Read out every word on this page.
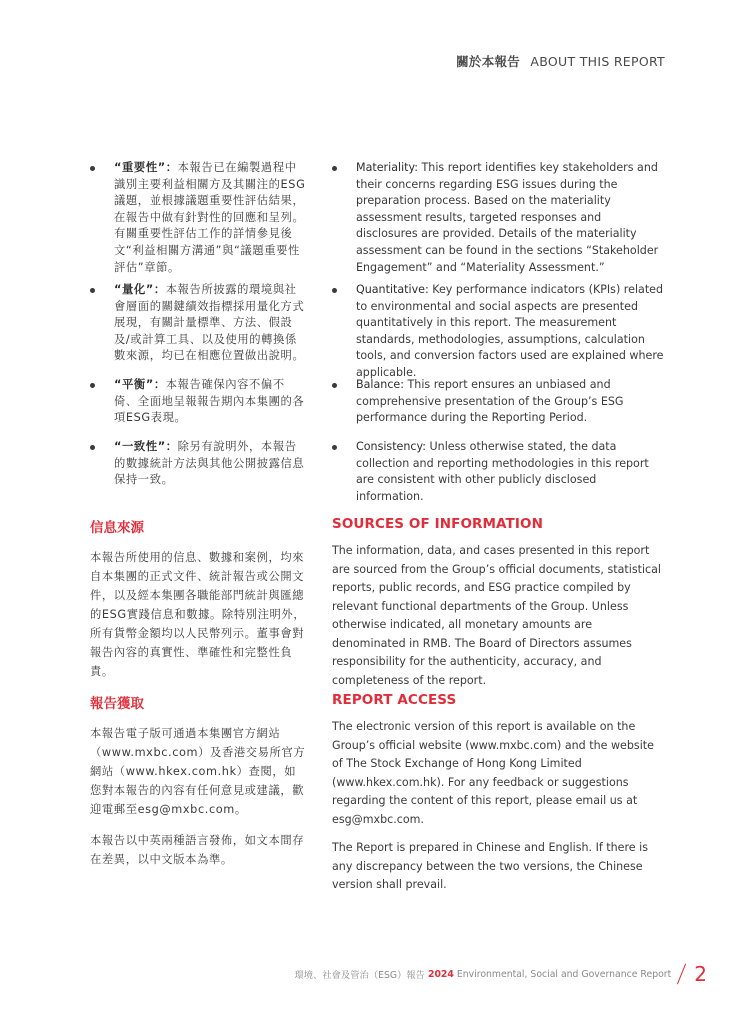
關於本報告 ABOUT THIS REPORT
“重要性”：本報告已在編製過程中識別主要利益相關方及其關注的ESG議題，並根據議題重要性評估結果，在報告中做有針對性的回應和呈列。有關重要性評估工作的詳情參見後文“利益相關方溝通”與“議題重要性評估”章節。
“量化”：本報告所披露的環境與社會層面的關鍵績效指標採用量化方式展現，有關計量標準、方法、假設及/或計算工具、以及使用的轉換係數來源，均已在相應位置做出說明。
“平衡”：本報告確保內容不偏不倚、全面地呈報報告期內本集團的各項ESG表現。
“一致性”：除另有說明外，本報告的數據統計方法與其他公開披露信息保持一致。
Materiality: This report identifies key stakeholders and their concerns regarding ESG issues during the preparation process. Based on the materiality assessment results, targeted responses and disclosures are provided. Details of the materiality assessment can be found in the sections “Stakeholder Engagement” and “Materiality Assessment.”
Quantitative: Key performance indicators (KPIs) related to environmental and social aspects are presented quantitatively in this report. The measurement standards, methodologies, assumptions, calculation tools, and conversion factors used are explained where applicable.
Balance: This report ensures an unbiased and comprehensive presentation of the Group’s ESG performance during the Reporting Period.
Consistency: Unless otherwise stated, the data collection and reporting methodologies in this report are consistent with other publicly disclosed information.
信息來源

本報告所使用的信息、數據和案例，均來自本集團的正式文件、統計報告或公開文件，以及經本集團各職能部門統計與匯總的ESG實踐信息和數據。除特別注明外，所有貨幣金額均以人民幣列示。董事會對報告內容的真實性、準確性和完整性負責。

SOURCES OF INFORMATION

The information, data, and cases presented in this report are sourced from the Group’s official documents, statistical reports, public records, and ESG practice compiled by relevant functional departments of the Group. Unless otherwise indicated, all monetary amounts are denominated in RMB. The Board of Directors assumes responsibility for the authenticity, accuracy, and completeness of the report.

報告獲取

本報告電子版可通過本集團官方網站（www.mxbc.com）及香港交易所官方網站（www.hkex.com.hk）查閱，如您對本報告的內容有任何意見或建議，歡迎電郵至esg@mxbc.com。

本報告以中英兩種語言發佈，如文本間存在差異，以中文版本為準。

REPORT ACCESS

The electronic version of this report is available on the Group’s official website (www.mxbc.com) and the website of The Stock Exchange of Hong Kong Limited (www.hkex.com.hk). For any feedback or suggestions regarding the content of this report, please email us at esg@mxbc.com.

The Report is prepared in Chinese and English. If there is any discrepancy between the two versions, the Chinese version shall prevail.

環境、社會及管治（ESG）報告 2024 Environmental, Social and Governance Report 2
